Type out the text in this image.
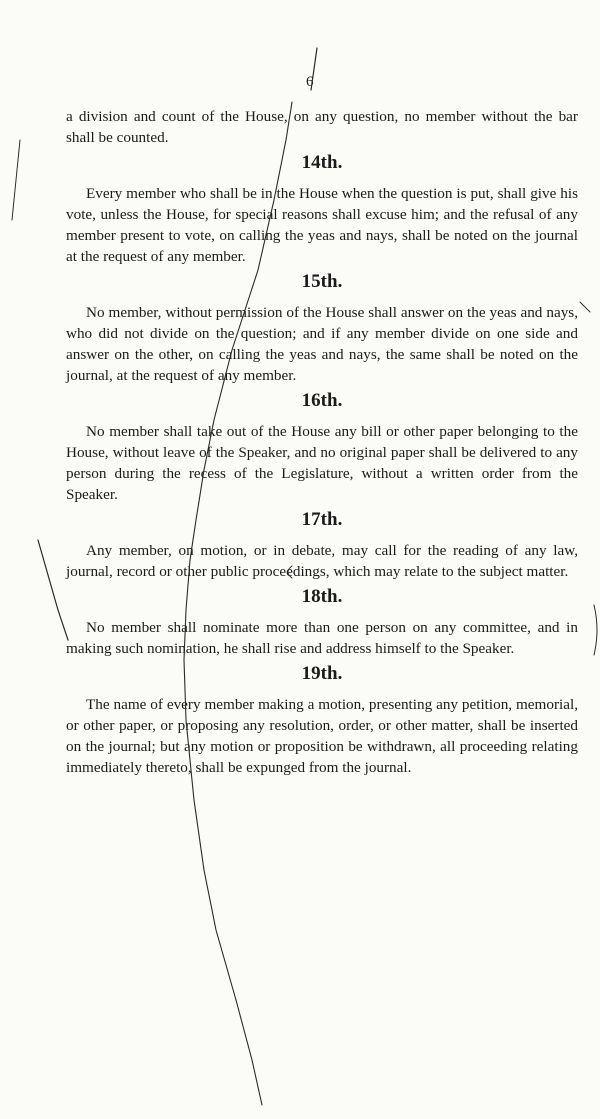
6

a division and count of the House, on any question, no member without the bar shall be counted.

14th.

Every member who shall be in the House when the question is put, shall give his vote, unless the House, for special reasons shall excuse him; and the refusal of any member present to vote, on calling the yeas and nays, shall be noted on the journal at the request of any member.

15th.

No member, without permission of the House shall answer on the yeas and nays, who did not divide on the question; and if any member divide on one side and answer on the other, on calling the yeas and nays, the same shall be noted on the journal, at the request of any member.

16th.

No member shall take out of the House any bill or other paper belonging to the House, without leave of the Speaker, and no original paper shall be delivered to any person during the recess of the Legislature, without a written order from the Speaker.

17th.

Any member, on motion, or in debate, may call for the reading of any law, journal, record or other public proceedings, which may relate to the subject matter.

18th.

No member shall nominate more than one person on any committee, and in making such nomination, he shall rise and address himself to the Speaker.

19th.

The name of every member making a motion, presenting any petition, memorial, or other paper, or proposing any resolution, order, or other matter, shall be inserted on the journal; but any motion or proposition be withdrawn, all proceeding relating immediately thereto, shall be expunged from the journal.
